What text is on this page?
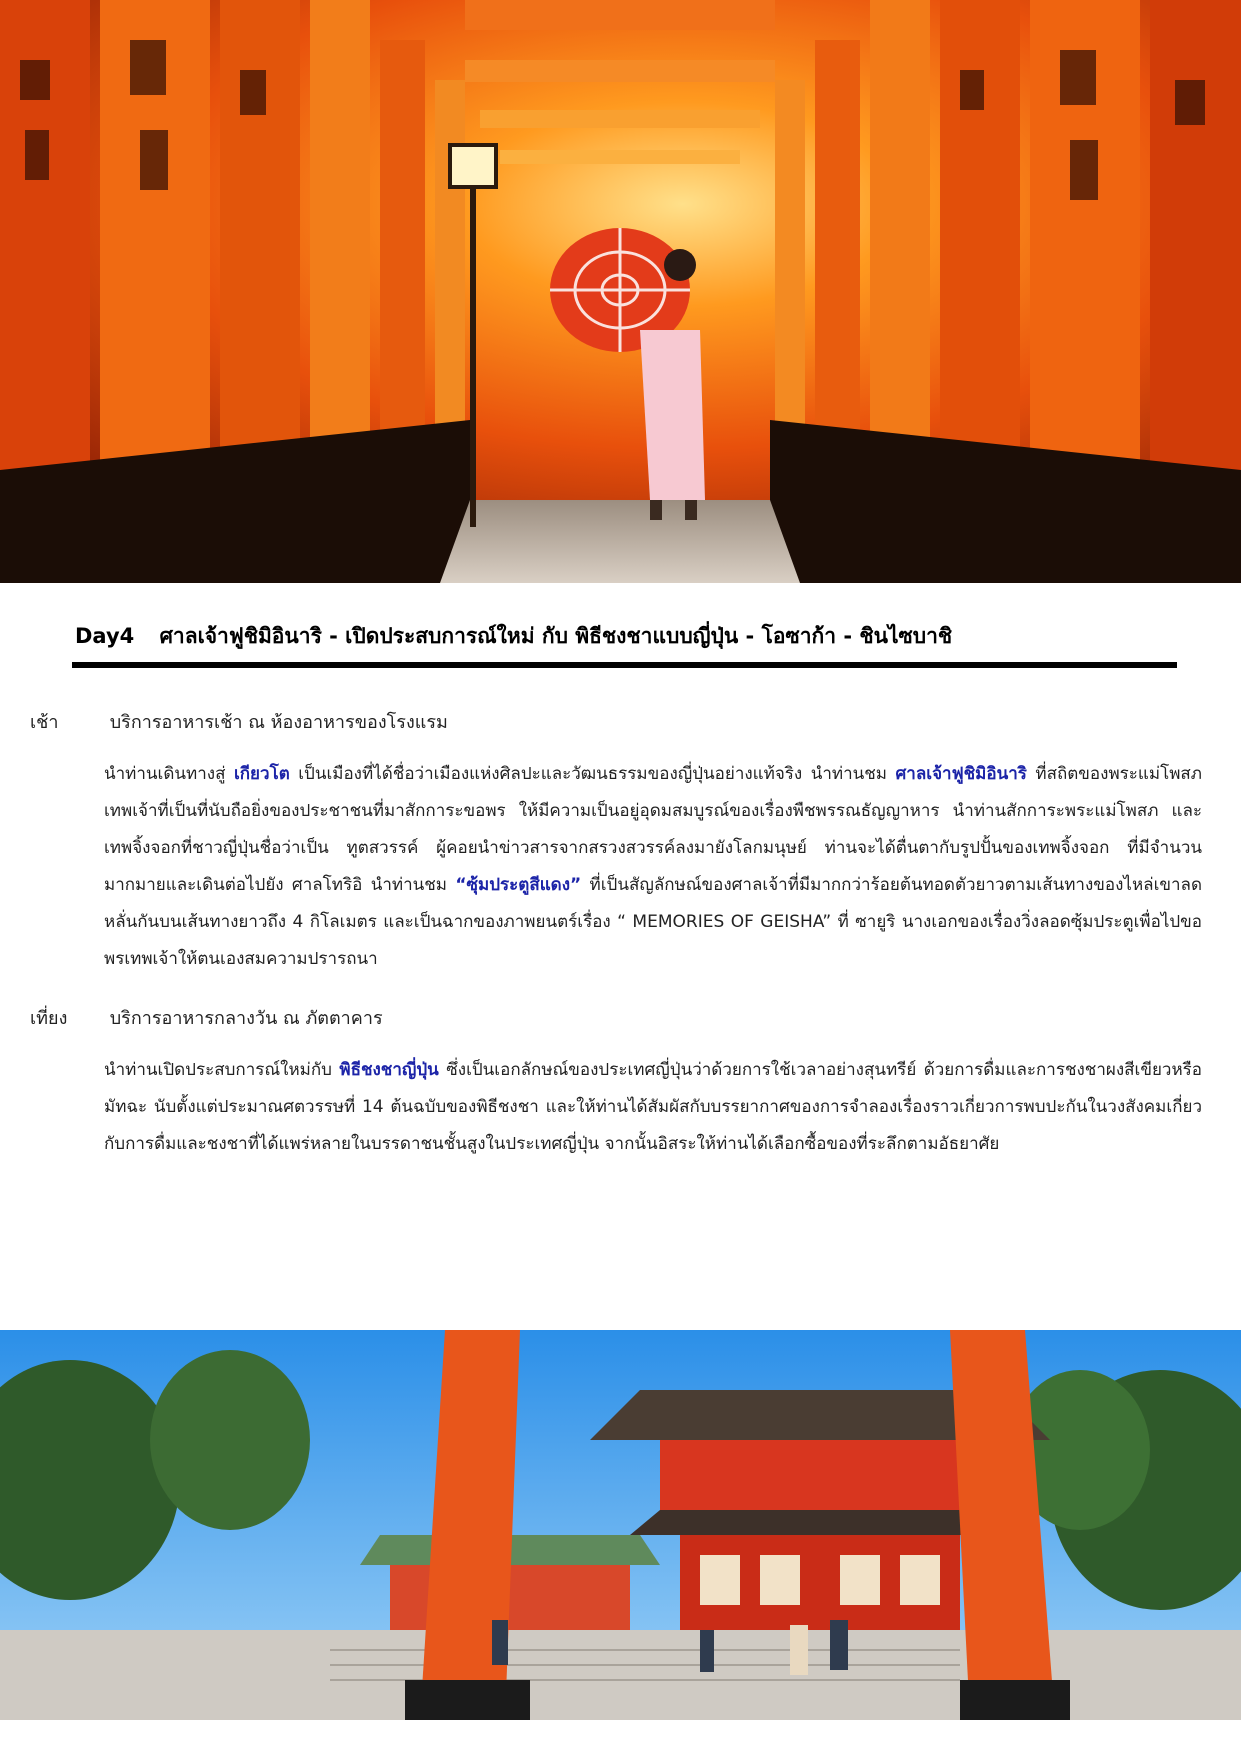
Day4 ศาลเจ้าฟูชิมิอินาริ - เปิดประสบการณ์ใหม่ กับ พิธีชงชาแบบญี่ปุ่น - โอซาก้า - ชินไซบาชิ
เช้า	บริการอาหารเช้า ณ ห้องอาหารของโรงแรม
นำท่านเดินทางสู่ เกียวโต เป็นเมืองที่ได้ชื่อว่าเมืองแห่งศิลปะและวัฒนธรรมของญี่ปุ่นอย่างแท้จริง นำท่านชม ศาลเจ้าฟูชิมิอินาริ ที่สถิตของพระแม่โพสภ เทพเจ้าที่เป็นที่นับถือยิ่งของประชาชนที่มาสักการะขอพร ให้มีความเป็นอยู่อุดมสมบูรณ์ของเรื่องพืชพรรณธัญญาหาร นำท่านสักการะพระแม่โพสภ และเทพจิ้งจอกที่ชาวญี่ปุ่นชื่อว่าเป็น ทูตสวรรค์ ผู้คอยนำข่าวสารจากสรวงสวรรค์ลงมายังโลกมนุษย์ ท่านจะได้ตื่นตากับรูปปั้นของเทพจิ้งจอก ที่มีจำนวนมากมายและเดินต่อไปยัง ศาลโทริอิ นำท่านชม “ซุ้มประตูสีแดง” ที่เป็นสัญลักษณ์ของศาลเจ้าที่มีมากกว่าร้อยต้นทอดตัวยาวตามเส้นทางของไหล่เขาลดหลั่นกันบนเส้นทางยาวถึง 4 กิโลเมตร และเป็นฉากของภาพยนตร์เรื่อง “ MEMORIES OF GEISHA” ที่ ซายูริ นางเอกของเรื่องวิ่งลอดซุ้มประตูเพื่อไปขอพรเทพเจ้าให้ตนเองสมความปรารถนา
เที่ยง บริการอาหารกลางวัน ณ ภัตตาคาร
นำท่านเปิดประสบการณ์ใหม่กับ พิธีชงชาญี่ปุ่น ซึ่งเป็นเอกลักษณ์ของประเทศญี่ปุ่นว่าด้วยการใช้เวลาอย่างสุนทรีย์ ด้วยการดื่มและการชงชาผงสีเขียวหรือมัทฉะ นับตั้งแต่ประมาณศตวรรษที่ 14 ต้นฉบับของพิธีชงชา และให้ท่านได้สัมผัสกับบรรยากาศของการจำลองเรื่องราวเกี่ยวการพบปะกันในวงสังคมเกี่ยวกับการดื่มและชงชาที่ได้แพร่หลายในบรรดาชนชั้นสูงในประเทศญี่ปุ่น จากนั้นอิสระให้ท่านได้เลือกซื้อของที่ระลึกตามอัธยาศัย
